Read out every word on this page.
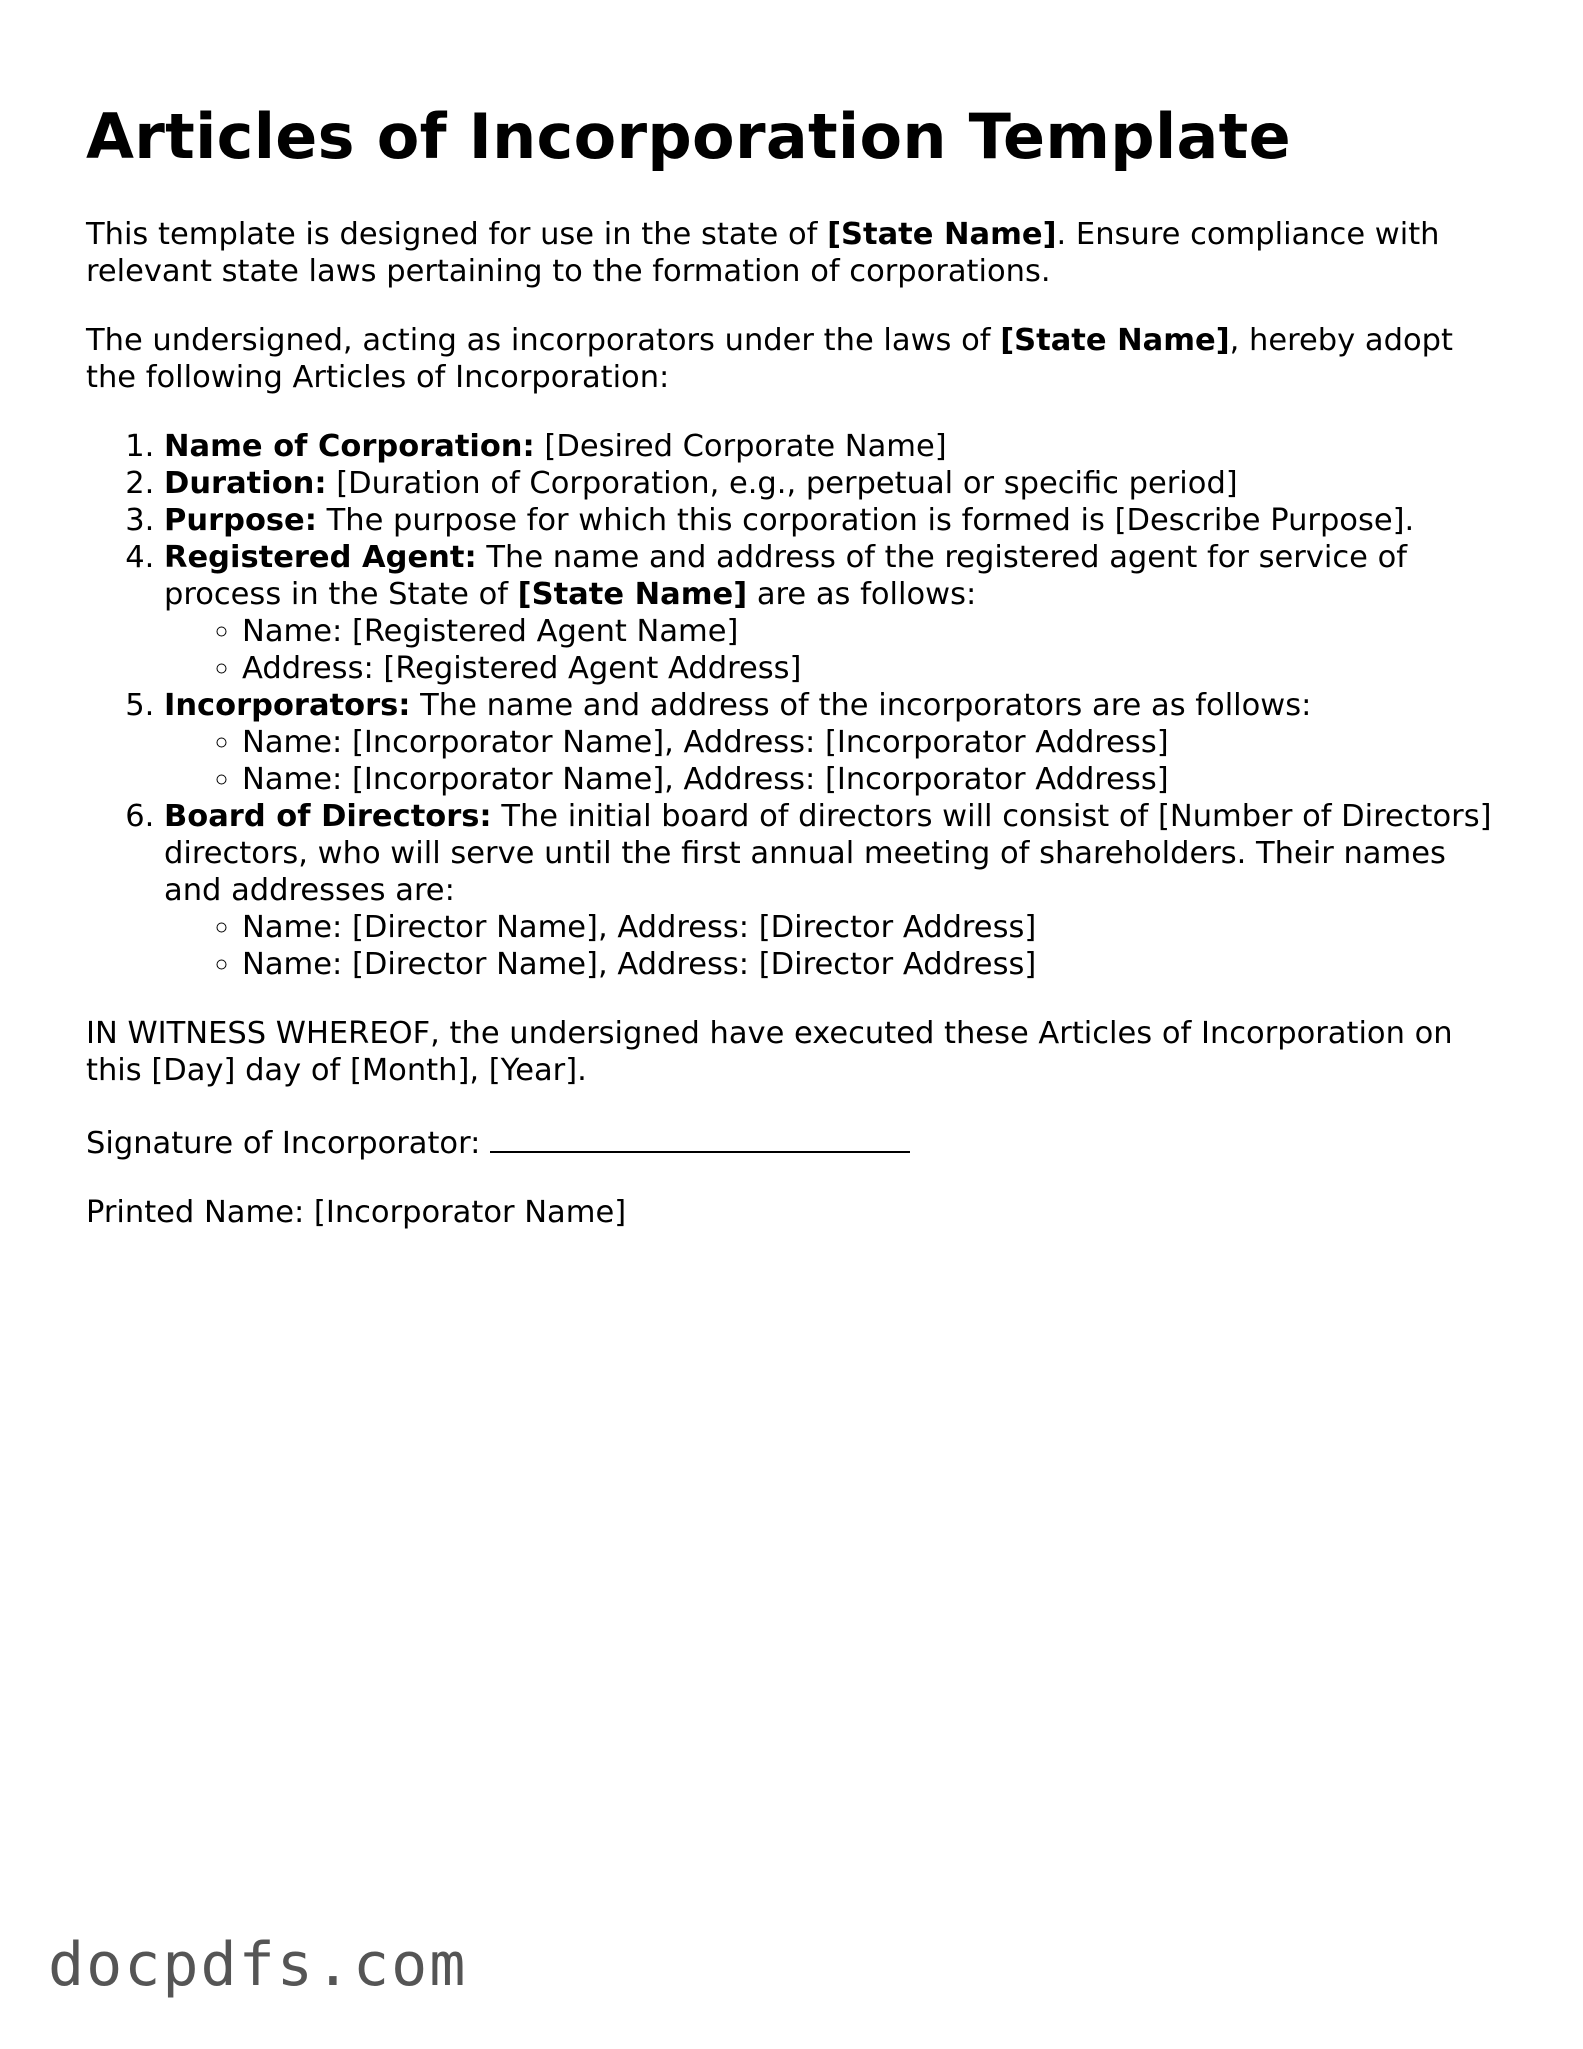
Articles of Incorporation Template

This template is designed for use in the state of [State Name]. Ensure compliance with relevant state laws pertaining to the formation of corporations.

The undersigned, acting as incorporators under the laws of [State Name], hereby adopt the following Articles of Incorporation:

1. Name of Corporation: [Desired Corporate Name]
2. Duration: [Duration of Corporation, e.g., perpetual or specific period]
3. Purpose: The purpose for which this corporation is formed is [Describe Purpose].
4. Registered Agent: The name and address of the registered agent for service of process in the State of [State Name] are as follows:
◦ Name: [Registered Agent Name]
◦ Address: [Registered Agent Address]
5. Incorporators: The name and address of the incorporators are as follows:
◦ Name: [Incorporator Name], Address: [Incorporator Address]
◦ Name: [Incorporator Name], Address: [Incorporator Address]
6. Board of Directors: The initial board of directors will consist of [Number of Directors] directors, who will serve until the first annual meeting of shareholders. Their names and addresses are:
◦ Name: [Director Name], Address: [Director Address]
◦ Name: [Director Name], Address: [Director Address]

IN WITNESS WHEREOF, the undersigned have executed these Articles of Incorporation on this [Day] day of [Month], [Year].

Signature of Incorporator:

Printed Name: [Incorporator Name]

docpdfs.com
